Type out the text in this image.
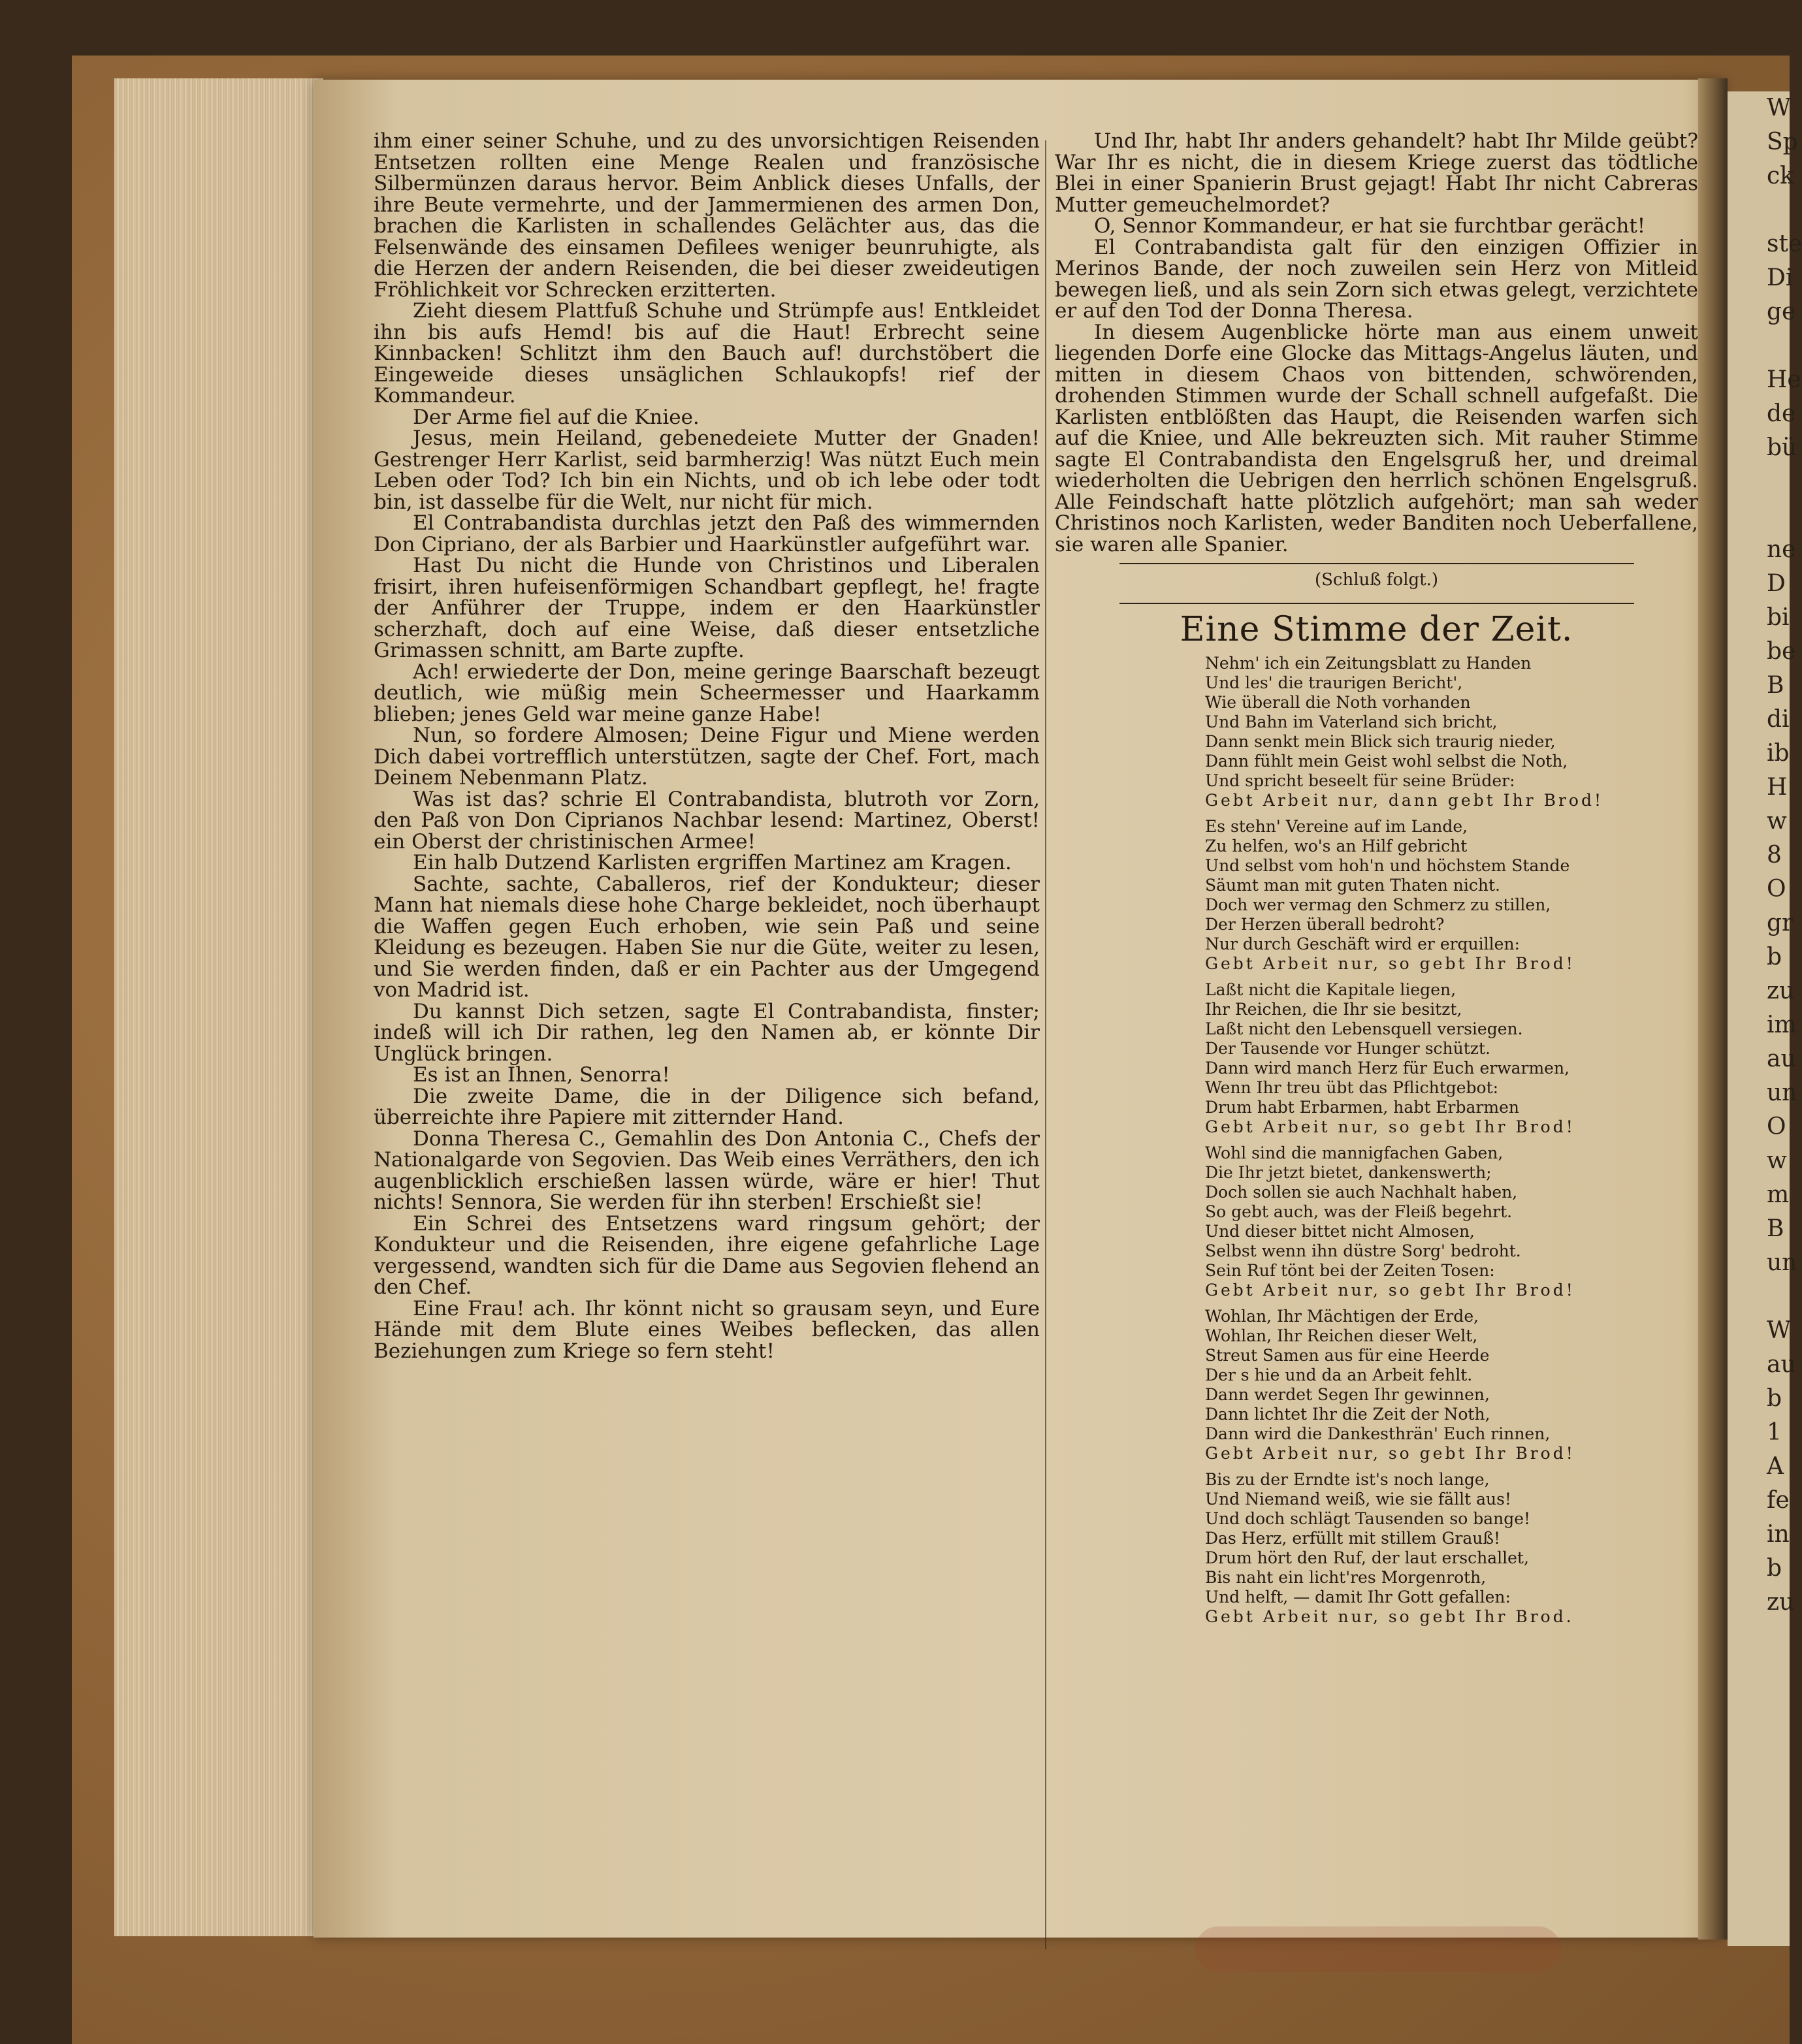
W
Sp
ck

ste
Di
ge

He
de
bü

ne
D
bi
be
B
di
ib
H
w
8
O
gr
b
zu
im
au
un
O
w
m
B
un

W
au
b
1
A
fe
in
b
zu

ihm einer seiner Schuhe, und zu des unvorsichtigen Reisenden Entsetzen rollten eine Menge Realen und französische Silbermünzen daraus hervor. Beim Anblick dieses Unfalls, der ihre Beute vermehrte, und der Jammermienen des armen Don, brachen die Karlisten in schallendes Gelächter aus, das die Felsenwände des einsamen Defilees weniger beunruhigte, als die Herzen der andern Reisenden, die bei dieser zweideutigen Fröhlichkeit vor Schrecken erzitterten.

Zieht diesem Plattfuß Schuhe und Strümpfe aus! Entkleidet ihn bis aufs Hemd! bis auf die Haut! Erbrecht seine Kinnbacken! Schlitzt ihm den Bauch auf! durchstöbert die Eingeweide dieses unsäglichen Schlaukopfs! rief der Kommandeur.

Der Arme fiel auf die Kniee.

Jesus, mein Heiland, gebenedeiete Mutter der Gnaden! Gestrenger Herr Karlist, seid barmherzig! Was nützt Euch mein Leben oder Tod? Ich bin ein Nichts, und ob ich lebe oder todt bin, ist dasselbe für die Welt, nur nicht für mich.

El Contrabandista durchlas jetzt den Paß des wimmernden Don Cipriano, der als Barbier und Haarkünstler aufgeführt war.

Hast Du nicht die Hunde von Christinos und Liberalen frisirt, ihren hufeisenförmigen Schandbart gepflegt, he! fragte der Anführer der Truppe, indem er den Haarkünstler scherzhaft, doch auf eine Weise, daß dieser entsetzliche Grimassen schnitt, am Barte zupfte.

Ach! erwiederte der Don, meine geringe Baarschaft bezeugt deutlich, wie müßig mein Scheermesser und Haarkamm blieben; jenes Geld war meine ganze Habe!

Nun, so fordere Almosen; Deine Figur und Miene werden Dich dabei vortrefflich unterstützen, sagte der Chef. Fort, mach Deinem Nebenmann Platz.

Was ist das? schrie El Contrabandista, blutroth vor Zorn, den Paß von Don Ciprianos Nachbar lesend: Martinez, Oberst! ein Oberst der christinischen Armee!

Ein halb Dutzend Karlisten ergriffen Martinez am Kragen.

Sachte, sachte, Caballeros, rief der Kondukteur; dieser Mann hat niemals diese hohe Charge bekleidet, noch überhaupt die Waffen gegen Euch erhoben, wie sein Paß und seine Kleidung es bezeugen. Haben Sie nur die Güte, weiter zu lesen, und Sie werden finden, daß er ein Pachter aus der Umgegend von Madrid ist.

Du kannst Dich setzen, sagte El Contrabandista, finster; indeß will ich Dir rathen, leg den Namen ab, er könnte Dir Unglück bringen.

Es ist an Ihnen, Senorra!

Die zweite Dame, die in der Diligence sich befand, überreichte ihre Papiere mit zitternder Hand.

Donna Theresa C., Gemahlin des Don Antonia C., Chefs der Nationalgarde von Segovien. Das Weib eines Verräthers, den ich augenblicklich erschießen lassen würde, wäre er hier! Thut nichts! Sennora, Sie werden für ihn sterben! Erschießt sie!

Ein Schrei des Entsetzens ward ringsum gehört; der Kondukteur und die Reisenden, ihre eigene gefahrliche Lage vergessend, wandten sich für die Dame aus Segovien flehend an den Chef.

Eine Frau! ach. Ihr könnt nicht so grausam seyn, und Eure Hände mit dem Blute eines Weibes beflecken, das allen Beziehungen zum Kriege so fern steht!

Und Ihr, habt Ihr anders gehandelt? habt Ihr Milde geübt? War Ihr es nicht, die in diesem Kriege zuerst das tödtliche Blei in einer Spanierin Brust gejagt! Habt Ihr nicht Cabreras Mutter gemeuchelmordet?

O, Sennor Kommandeur, er hat sie furchtbar gerächt!

El Contrabandista galt für den einzigen Offizier in Merinos Bande, der noch zuweilen sein Herz von Mitleid bewegen ließ, und als sein Zorn sich etwas gelegt, verzichtete er auf den Tod der Donna Theresa.

In diesem Augenblicke hörte man aus einem unweit liegenden Dorfe eine Glocke das Mittags-Angelus läuten, und mitten in diesem Chaos von bittenden, schwörenden, drohenden Stimmen wurde der Schall schnell aufgefaßt. Die Karlisten entblößten das Haupt, die Reisenden warfen sich auf die Kniee, und Alle bekreuzten sich. Mit rauher Stimme sagte El Contrabandista den Engelsgruß her, und dreimal wiederholten die Uebrigen den herrlich schönen Engelsgruß. Alle Feindschaft hatte plötzlich aufgehört; man sah weder Christinos noch Karlisten, weder Banditen noch Ueberfallene, sie waren alle Spanier.

(Schluß folgt.)
Eine Stimme der Zeit.
Nehm' ich ein Zeitungsblatt zu Handen
Und les' die traurigen Bericht',
Wie überall die Noth vorhanden
Und Bahn im Vaterland sich bricht,
Dann senkt mein Blick sich traurig nieder,
Dann fühlt mein Geist wohl selbst die Noth,
Und spricht beseelt für seine Brüder:
Gebt Arbeit nur, dann gebt Ihr Brod!
Es stehn' Vereine auf im Lande,
Zu helfen, wo's an Hilf gebricht
Und selbst vom hoh'n und höchstem Stande
Säumt man mit guten Thaten nicht.
Doch wer vermag den Schmerz zu stillen,
Der Herzen überall bedroht?
Nur durch Geschäft wird er erquillen:
Gebt Arbeit nur, so gebt Ihr Brod!
Laßt nicht die Kapitale liegen,
Ihr Reichen, die Ihr sie besitzt,
Laßt nicht den Lebensquell versiegen.
Der Tausende vor Hunger schützt.
Dann wird manch Herz für Euch erwarmen,
Wenn Ihr treu übt das Pflichtgebot:
Drum habt Erbarmen, habt Erbarmen
Gebt Arbeit nur, so gebt Ihr Brod!
Wohl sind die mannigfachen Gaben,
Die Ihr jetzt bietet, dankenswerth;
Doch sollen sie auch Nachhalt haben,
So gebt auch, was der Fleiß begehrt.
Und dieser bittet nicht Almosen,
Selbst wenn ihn düstre Sorg' bedroht.
Sein Ruf tönt bei der Zeiten Tosen:
Gebt Arbeit nur, so gebt Ihr Brod!
Wohlan, Ihr Mächtigen der Erde,
Wohlan, Ihr Reichen dieser Welt,
Streut Samen aus für eine Heerde
Der s hie und da an Arbeit fehlt.
Dann werdet Segen Ihr gewinnen,
Dann lichtet Ihr die Zeit der Noth,
Dann wird die Dankesthrän' Euch rinnen,
Gebt Arbeit nur, so gebt Ihr Brod!
Bis zu der Erndte ist's noch lange,
Und Niemand weiß, wie sie fällt aus!
Und doch schlägt Tausenden so bange!
Das Herz, erfüllt mit stillem Grauß!
Drum hört den Ruf, der laut erschallet,
Bis naht ein licht'res Morgenroth,
Und helft, — damit Ihr Gott gefallen:
Gebt Arbeit nur, so gebt Ihr Brod.
